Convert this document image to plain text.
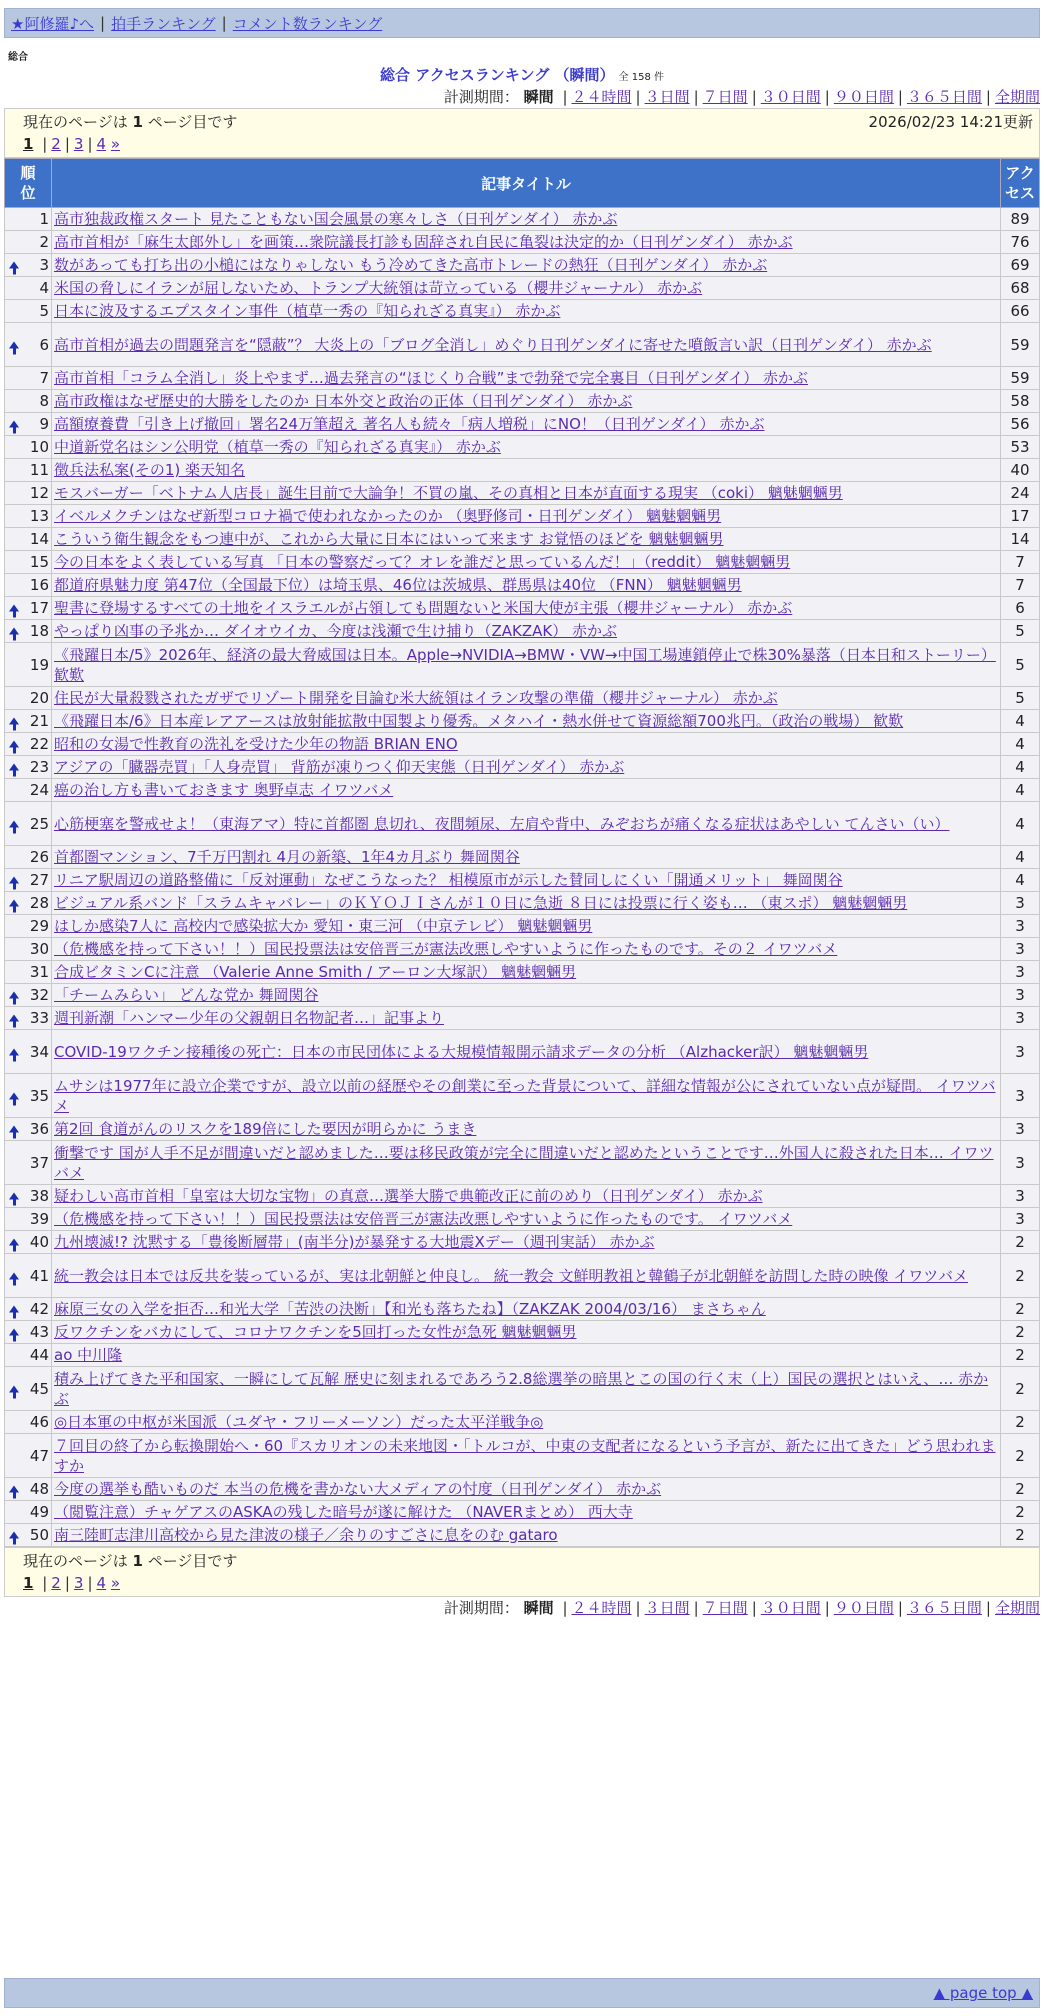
★阿修羅♪へ | 拍手ランキング | コメント数ランキング
総合
総合 アクセスランキング （瞬間） 全 158 件
計測期間： 瞬間 | ２４時間 | ３日間 | ７日間 | ３０日間 | ９０日間 | ３６５日間 | 全期間
現在のページは 1 ページ目です	2026/02/23 14:21更新
1 | 2 | 3 | 4 »
順
位	記事タイトル	アク
セス
1	高市独裁政権スタート 見たこともない国会風景の寒々しさ（日刊ゲンダイ） 赤かぶ	89
2	高市首相が「麻生太郎外し」を画策…衆院議長打診も固辞され自民に亀裂は決定的か（日刊ゲンダイ） 赤かぶ	76

3	数があっても打ち出の小槌にはなりゃしない もう冷めてきた高市トレードの熱狂（日刊ゲンダイ） 赤かぶ	69
4	米国の脅しにイランが屈しないため、トランプ大統領は苛立っている（櫻井ジャーナル） 赤かぶ	68
5	日本に波及するエプスタイン事件（植草一秀の『知られざる真実』） 赤かぶ	66

6	高市首相が過去の問題発言を“隠蔽”？ 大炎上の「ブログ全消し」めぐり日刊ゲンダイに寄せた噴飯言い訳（日刊ゲンダイ） 赤かぶ	59
7	高市首相「コラム全消し」炎上やまず…過去発言の“ほじくり合戦”まで勃発で完全裏目（日刊ゲンダイ） 赤かぶ	59
8	高市政権はなぜ歴史的大勝をしたのか 日本外交と政治の正体（日刊ゲンダイ） 赤かぶ	58

9	高額療養費「引き上げ撤回」署名24万筆超え 著名人も続々「病人増税」にNO！（日刊ゲンダイ） 赤かぶ	56
10	中道新党名はシン公明党（植草一秀の『知られざる真実』） 赤かぶ	53
11	徴兵法私案(その1) 楽天知名	40
12	モスバーガー「ベトナム人店長」誕生目前で大論争！不買の嵐、その真相と日本が直面する現実 （coki） 魑魅魍魎男	24
13	イベルメクチンはなぜ新型コロナ禍で使われなかったのか （奥野修司・日刊ゲンダイ） 魑魅魍魎男	17
14	こういう衛生観念をもつ連中が、これから大量に日本にはいって来ます お覚悟のほどを 魑魅魍魎男	14
15	今の日本をよく表している写真 「日本の警察だって？オレを誰だと思っているんだ！」（reddit） 魑魅魍魎男	7
16	都道府県魅力度 第47位（全国最下位）は埼玉県、46位は茨城県、群馬県は40位 （FNN） 魑魅魍魎男	7

17	聖書に登場するすべての土地をイスラエルが占領しても問題ないと米国大使が主張（櫻井ジャーナル） 赤かぶ	6

18	やっぱり凶事の予兆か… ダイオウイカ、今度は浅瀬で生け捕り（ZAKZAK） 赤かぶ	5
19	《飛躍日本/5》2026年、経済の最大脅威国は日本。Apple→NVIDIA→BMW・VW→中国工場連鎖停止で株30%暴落（日本日和ストーリー） 歓歎	5
20	住民が大量殺戮されたガザでリゾート開発を目論む米大統領はイラン攻撃の準備（櫻井ジャーナル） 赤かぶ	5

21	《飛躍日本/6》日本産レアアースは放射能拡散中国製より優秀。メタハイ・熱水併せて資源総額700兆円。（政治の戦場） 歓歎	4

22	昭和の女湯で性教育の洗礼を受けた少年の物語 BRIAN ENO	4

23	アジアの「臓器売買」「人身売買」 背筋が凍りつく仰天実態（日刊ゲンダイ） 赤かぶ	4
24	癌の治し方も書いておきます 奥野卓志 イワツバメ	4

25	心筋梗塞を警戒せよ！（東海アマ）特に首都圏 息切れ、夜間頻尿、左肩や背中、みぞおちが痛くなる症状はあやしい てんさい（い）	4
26	首都圏マンション、7千万円割れ 4月の新築、1年4カ月ぶり 舞岡関谷	4

27	リニア駅周辺の道路整備に「反対運動」なぜこうなった？ 相模原市が示した賛同しにくい「開通メリット」 舞岡関谷	4

28	ビジュアル系バンド「スラムキャバレー」のＫＹＯＪＩさんが１０日に急逝 ８日には投票に行く姿も… （東スポ） 魑魅魍魎男	3
29	はしか感染7人に 高校内で感染拡大か 愛知・東三河 （中京テレビ） 魑魅魍魎男	3
30	（危機感を持って下さい！！）国民投票法は安倍晋三が憲法改悪しやすいように作ったものです。その２ イワツバメ	3
31	合成ビタミンCに注意 （Valerie Anne Smith / アーロン大塚訳） 魑魅魍魎男	3

32	「チームみらい」 どんな党か 舞岡関谷	3

33	週刊新潮「ハンマー少年の父親朝日名物記者…」記事より	3

34	COVID-19ワクチン接種後の死亡：日本の市民団体による大規模情報開示請求データの分析 （Alzhacker訳） 魑魅魍魎男	3

35	ムサシは1977年に設立企業ですが、設立以前の経歴やその創業に至った背景について、詳細な情報が公にされていない点が疑問。 イワツバメ	3

36	第2回 食道がんのリスクを189倍にした要因が明らかに うまき	3
37	衝撃です 国が人手不足が間違いだと認めました…要は移民政策が完全に間違いだと認めたということです…外国人に殺された日本… イワツバメ	3

38	疑わしい高市首相「皇室は大切な宝物」の真意…選挙大勝で典範改正に前のめり（日刊ゲンダイ） 赤かぶ	3
39	（危機感を持って下さい！！）国民投票法は安倍晋三が憲法改悪しやすいように作ったものです。 イワツバメ	3

40	九州壊滅!? 沈黙する「豊後断層帯」(南半分)が暴発する大地震Xデー（週刊実話） 赤かぶ	2

41	統一教会は日本では反共を装っているが、実は北朝鮮と仲良し。 統一教会 文鮮明教祖と韓鶴子が北朝鮮を訪問した時の映像 イワツバメ	2

42	麻原三女の入学を拒否…和光大学「苦渋の決断」【和光も落ちたね】（ZAKZAK 2004/03/16） まさちゃん	2

43	反ワクチンをバカにして、コロナワクチンを5回打った女性が急死 魑魅魍魎男	2
44	ao 中川隆	2

45	積み上げてきた平和国家、一瞬にして瓦解 歴史に刻まれるであろう2.8総選挙の暗黒とこの国の行く末（上）国民の選択とはいえ、… 赤かぶ	2
46	◎日本軍の中枢が米国派（ユダヤ・フリーメーソン）だった太平洋戦争◎	2
47	７回目の終了から転換開始へ・60『スカリオンの未来地図・「トルコが、中東の支配者になるという予言が、新たに出てきた」どう思われますか	2

48	今度の選挙も酷いものだ 本当の危機を書かない大メディアの忖度（日刊ゲンダイ） 赤かぶ	2
49	（閲覧注意）チャゲアスのASKAの残した暗号が遂に解けた （NAVERまとめ） 西大寺	2

50	南三陸町志津川高校から見た津波の様子／余りのすごさに息をのむ gataro	2
現在のページは 1 ページ目です
1 | 2 | 3 | 4 »
計測期間： 瞬間 | ２４時間 | ３日間 | ７日間 | ３０日間 | ９０日間 | ３６５日間 | 全期間
▲ page top ▲
